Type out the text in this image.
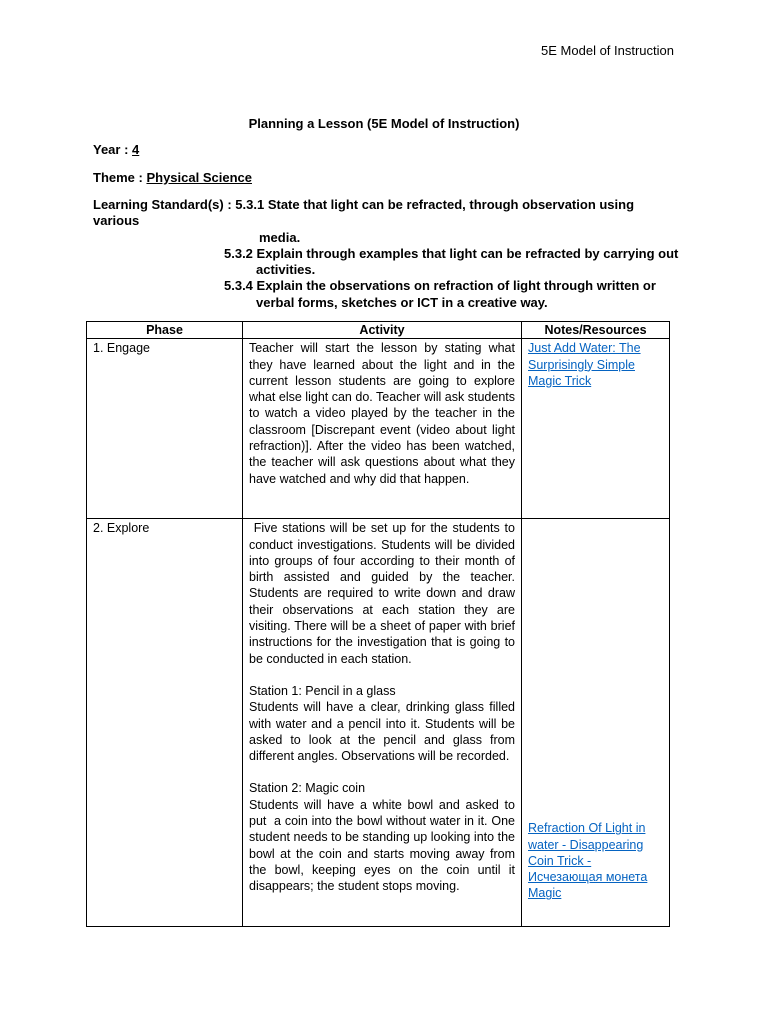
5E Model of Instruction
Planning a Lesson (5E Model of Instruction)
Year : 4
Theme : Physical Science
Learning Standard(s) : 5.3.1 State that light can be refracted, through observation using various
media.
5.3.2 Explain through examples that light can be refracted by carrying out
activities.
5.3.4 Explain the observations on refraction of light through written or
verbal forms, sketches or ICT in a creative way.
Phase	Activity	Notes/Resources
1. Engage	Teacher will start the lesson by stating what they have learned about the light and in the current lesson students are going to explore what else light can do. Teacher will ask students to watch a video played by the teacher in the classroom [Discrepant event (video about light refraction)]. After the video has been watched, the teacher will ask questions about what they have watched and why did that happen.	Just Add Water: The Surprisingly Simple Magic Trick

2. Explore	Five stations will be set up for the students to conduct investigations. Students will be divided into groups of four according to their month of birth assisted and guided by the teacher. Students are required to write down and draw their observations at each station they are visiting. There will be a sheet of paper with brief instructions for the investigation that is going to be conducted in each station.
Station 1: Pencil in a glass
Students will have a clear, drinking glass filled with water and a pencil into it. Students will be asked to look at the pencil and glass from different angles. Observations will be recorded.
Station 2: Magic coin
Students will have a white bowl and asked to put  a coin into the bowl without water in it. One student needs to be standing up looking into the bowl at the coin and starts moving away from the bowl, keeping eyes on the coin until it disappears; the student stops moving.	Refraction Of Light in water - Disappearing Coin Trick - Исчезающая монета Magic
